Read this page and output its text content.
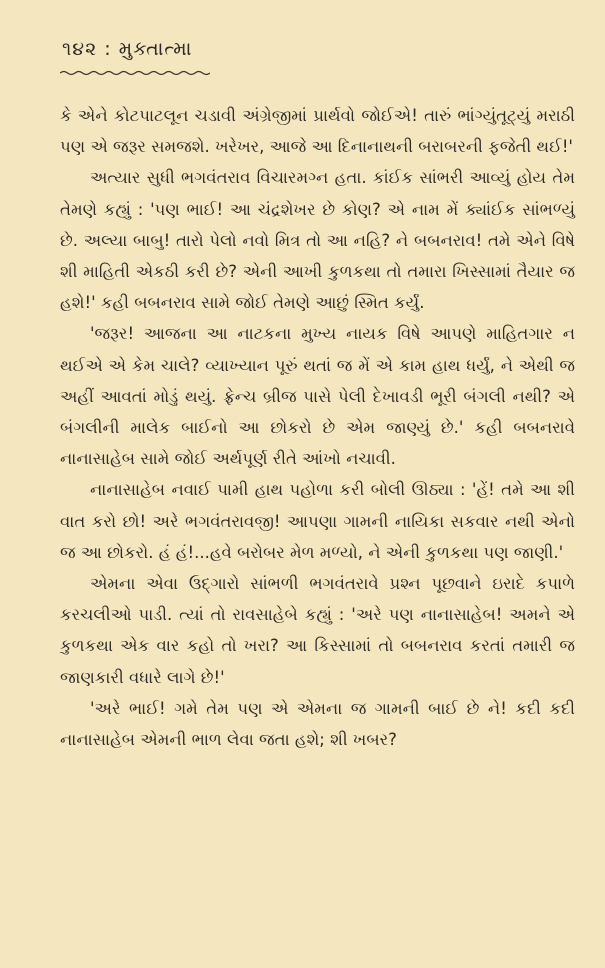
૧૪૨ : મુક્તાત્મા

કે એને કોટપાટલૂન ચડાવી અંગ્રેજીમાં પ્રાર્થવો જોઈએ! તારું ભાંગ્યુંતૂટ્યું મરાઠી પણ એ જરૂર સમજશે. ખરેખર, આજે આ દિનાનાથની બરાબરની ફજેતી થઈ!'

અત્યાર સુધી ભગવંતરાવ વિચારમગ્ન હતા. કાંઈક સાંભરી આવ્યું હોય તેમ તેમણે કહ્યું : 'પણ ભાઈ! આ ચંદ્રશેખર છે કોણ? એ નામ મેં ક્યાંઈક સાંભળ્યું છે. અલ્યા બાબુ! તારો પેલો નવો મિત્ર તો આ નહિ? ને બબનરાવ! તમે એને વિષે શી માહિતી એકઠી કરી છે? એની આખી કુળકથા તો તમારા ખિસ્સામાં તૈયાર જ હશે!' કહી બબનરાવ સામે જોઈ તેમણે આછું સ્મિત કર્યું.

'જરૂર! આજના આ નાટકના મુખ્ય નાયક વિષે આપણે માહિતગાર ન થઈએ એ કેમ ચાલે? વ્યાખ્યાન પૂરું થતાં જ મેં એ કામ હાથ ધર્યું, ને એથી જ અહીં આવતાં મોડું થયું. ફ્રેન્ચ બ્રીજ પાસે પેલી દેખાવડી ભૂરી બંગલી નથી? એ બંગલીની માલેક બાઈનો આ છોકરો છે એમ જાણ્યું છે.' કહી બબનરાવે નાનાસાહેબ સામે જોઈ અર્થપૂર્ણ રીતે આંખો નચાવી.

નાનાસાહેબ નવાઈ પામી હાથ પહોળા કરી બોલી ઊઠ્યા : 'હેં! તમે આ શી વાત કરો છો! અરે ભગવંતરાવજી! આપણા ગામની નાયિકા સકવાર નથી એનો જ આ છોકરો. હં હં!...હવે બરોબર મેળ મળ્યો, ને એની કુળકથા પણ જાણી.'

એમના એવા ઉદ્‌ગારો સાંભળી ભગવંતરાવે પ્રશ્ન પૂછવાને ઇરાદે કપાળે કરચલીઓ પાડી. ત્યાં તો રાવસાહેબે કહ્યું : 'અરે પણ નાનાસાહેબ! અમને એ કુળકથા એક વાર કહો તો ખરા? આ કિસ્સામાં તો બબનરાવ કરતાં તમારી જ જાણકારી વધારે લાગે છે!'

'અરે ભાઈ! ગમે તેમ પણ એ એમના જ ગામની બાઈ છે ને! કદી કદી નાનાસાહેબ એમની ભાળ લેવા જતા હશે; શી ખબર?
